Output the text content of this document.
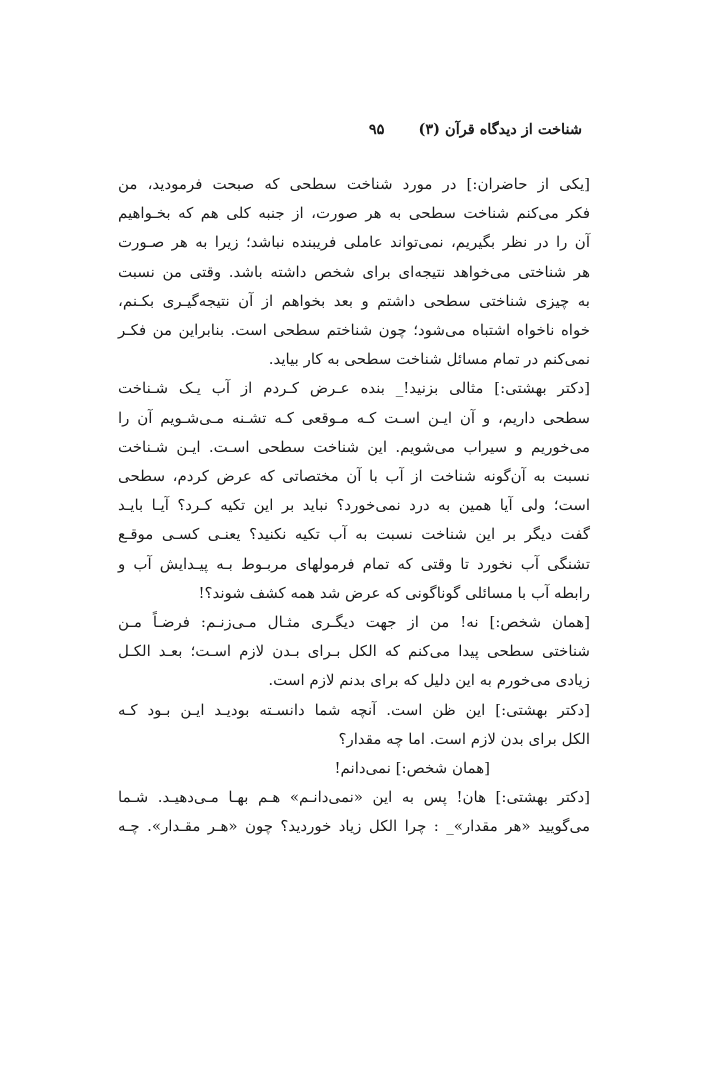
شناخت از دیدگاه قرآن (۳)
۹۵

[یکی از حاضران:] در مورد شناخت سطحی که صبحت فرمودید، من
فکر می‌کنم شناخت سطحی به هر صورت، از جنبه کلی هم که بخـواهیم
آن را در نظر بگیریم، نمی‌تواند عاملی فریبنده نباشد؛ زیرا به هر صـورت
هر شناختی می‌خواهد نتیجه‌ای برای شخص داشته باشد. وقتی من نسبت
به چیزی شناختی سطحی داشتم و بعد بخواهم از آن نتیجه‌گیـری بکـنم،
خواه ناخواه اشتباه می‌شود؛ چون شناختم سطحی است. بنابراین من فکـر
نمی‌کنم در تمام مسائل شناخت سطحی به کار بیاید.

[دکتر بهشتی:] مثالی بزنید!_ بنده عـرض کـردم از آب یـک شـناخت
سطحی داریم، و آن ایـن اسـت کـه مـوقعی کـه تشـنه مـی‌شـویم آن را
می‌خوریم و سیراب می‌شویم. این شناخت سطحی اسـت. ایـن شـناخت
نسبت به آن‌گونه شناخت از آب با آن مختصاتی که عرض کردم، سطحی
است؛ ولی آیا همین به درد نمی‌خورد؟ نباید بر این تکیه کـرد؟ آیـا بایـد
گفت دیگر بر این شناخت نسبت به آب تکیه نکنید؟ یعنـی کسـی موقـع
تشنگی آب نخورد تا وقتی که تمام فرمولهای مربـوط بـه پیـدایش آب و
رابطه آب با مسائلی گوناگونی که عرض شد همه کشف شوند؟!

[همان شخص:] نه! من از جهت دیگـری مثـال مـی‌زنـم: فرضـاً مـن
شناختی سطحی پیدا می‌کنم که الکل بـرای بـدن لازم اسـت؛ بعـد الکـل
زیادی می‌خورم به این دلیل که برای بدنم لازم است.

[دکتر بهشتی:] این ظن است. آنچه شما دانسـته بودیـد ایـن بـود کـه
الکل برای بدن لازم است. اما چه مقدار؟

[همان شخص:] نمی‌دانم!

[دکتر بهشتی:] هان! پس به این «نمی‌دانـم» هـم بهـا مـی‌دهیـد. شـما
می‌گویید «هر مقدار»_ : چرا الکل زیاد خوردید؟ چون «هـر مقـدار». چـه
